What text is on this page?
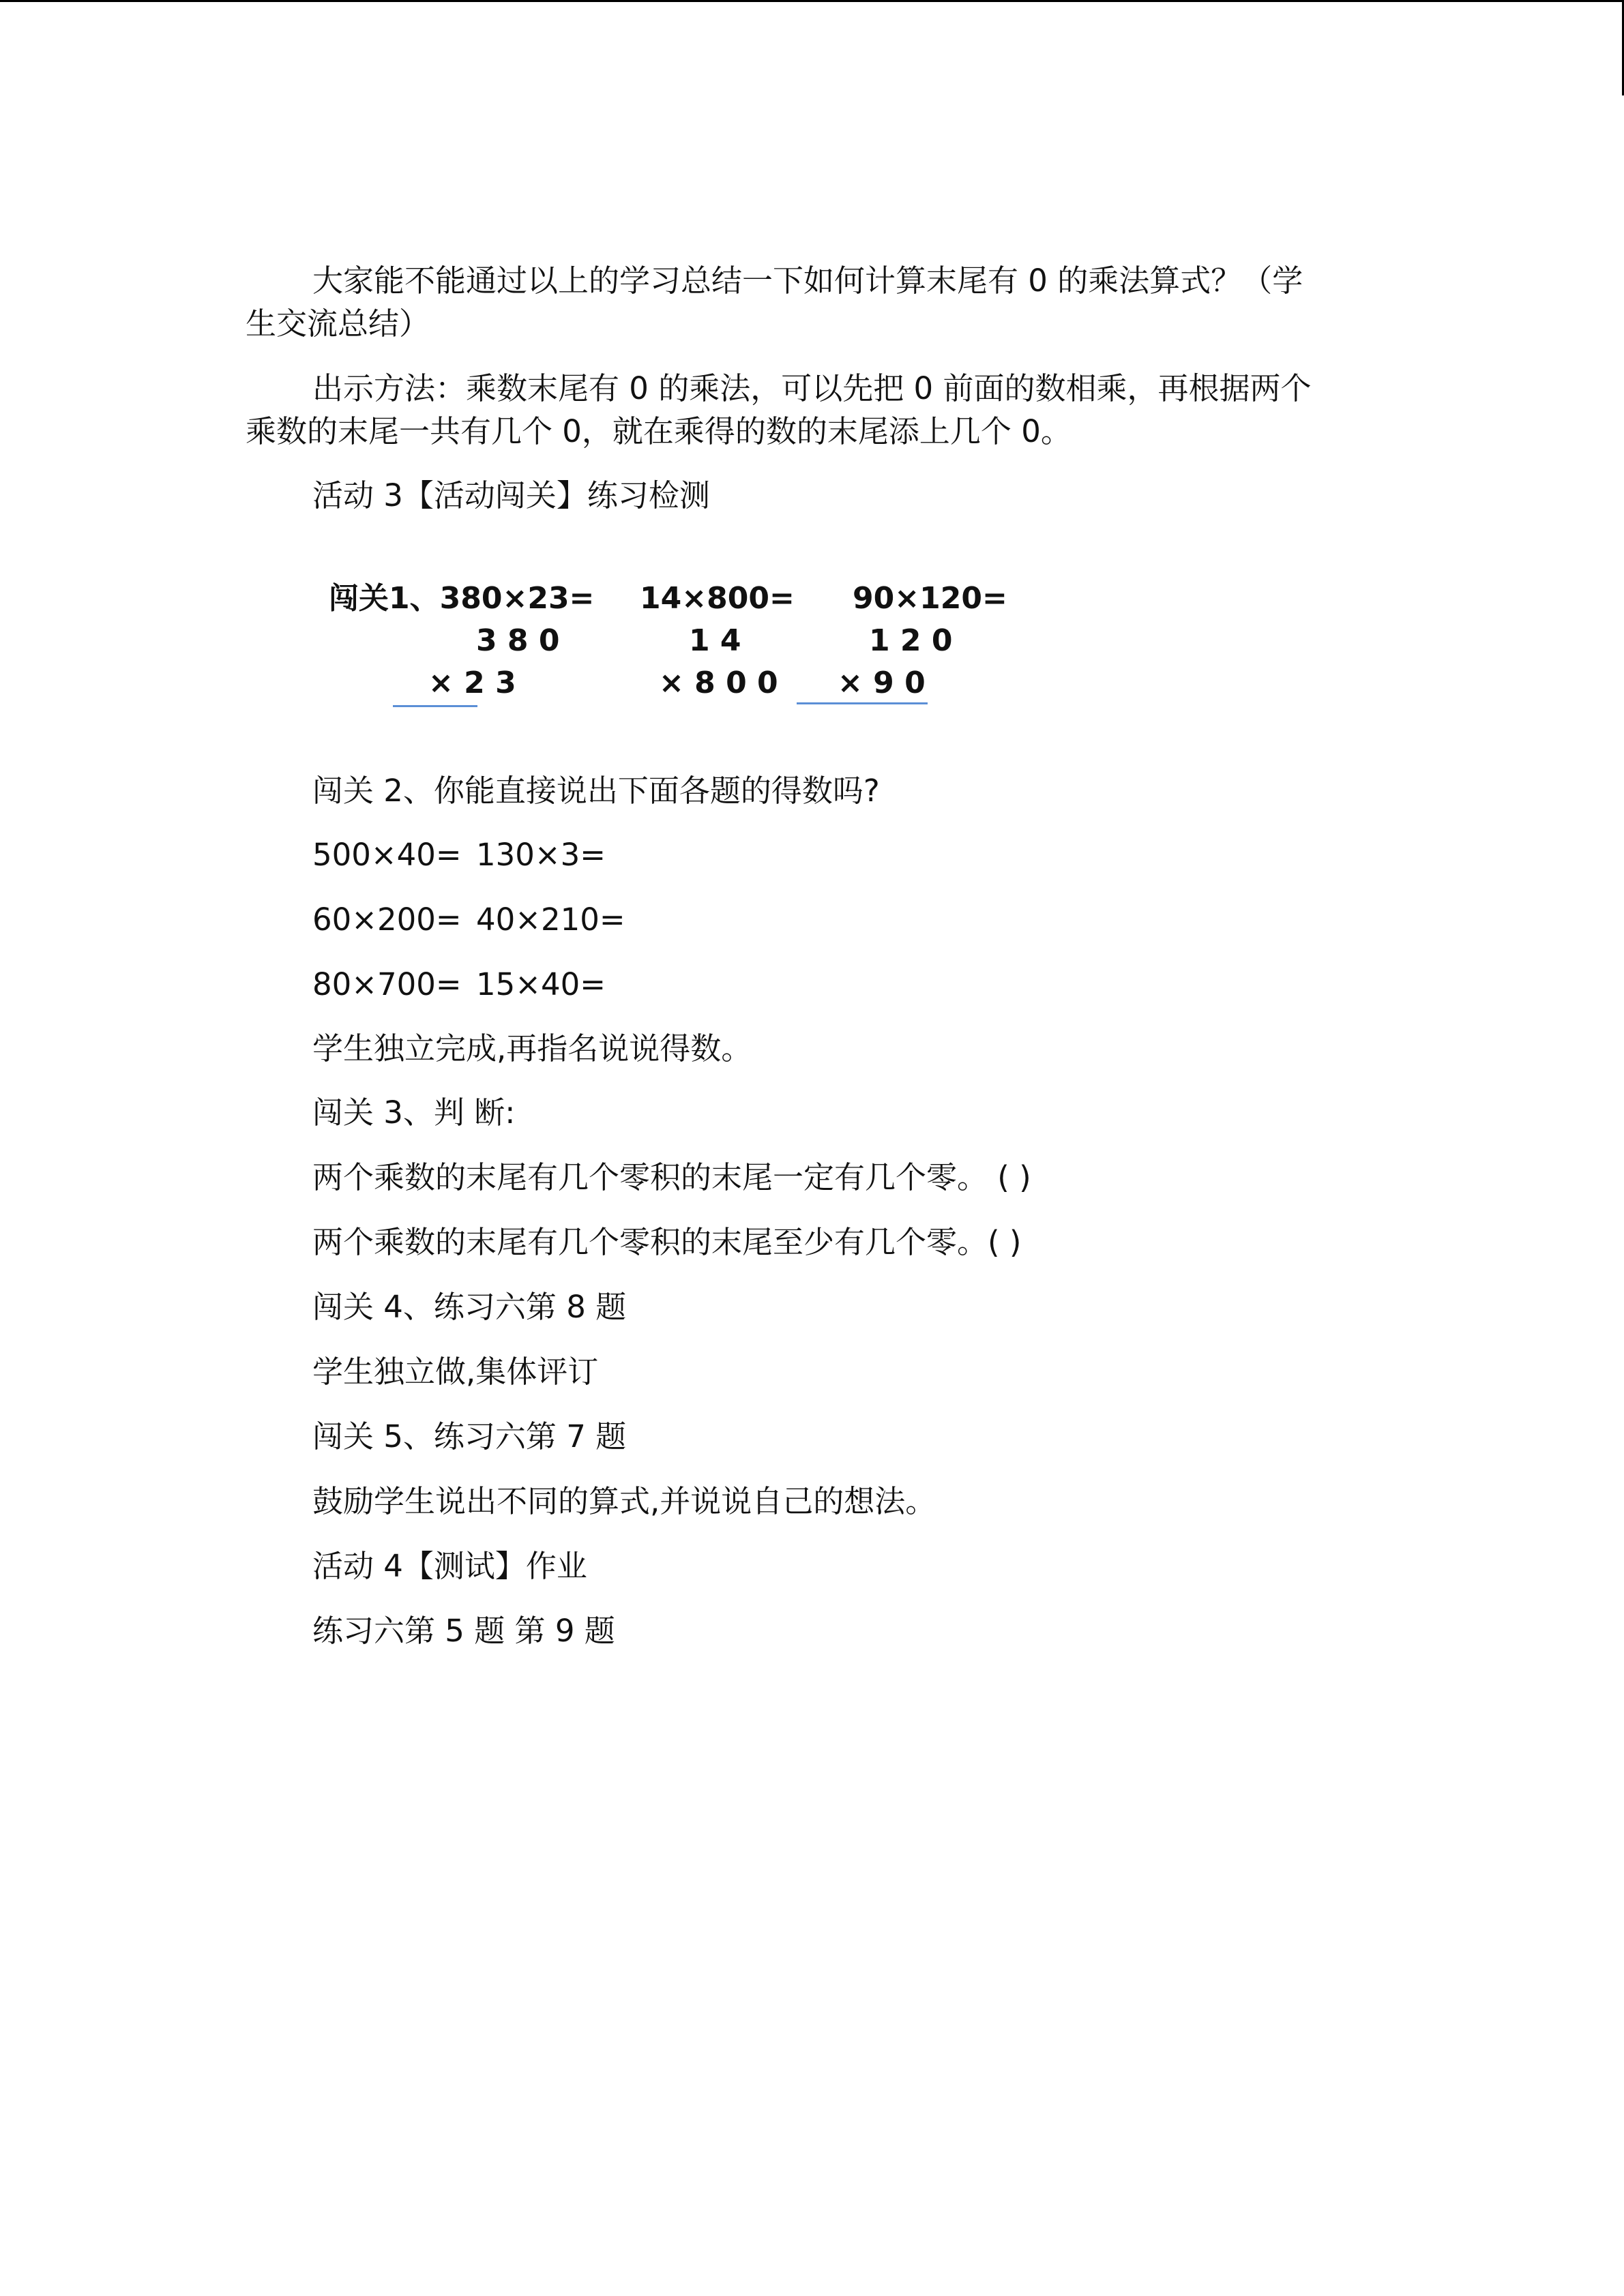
大家能不能通过以上的学习总结一下如何计算末尾有 0 的乘法算式？（学
生交流总结）
出示方法：乘数末尾有 0 的乘法，可以先把 0 前面的数相乘，再根据两个
乘数的末尾一共有几个 0，就在乘得的数的末尾添上几个 0。
活动 3【活动闯关】练习检测
闯关1、380×23= 14×800= 90×120=
3 8 0	1 4	1 2 0
× 2 3	× 8 0 0 × 9 0
闯关 2、你能直接说出下面各题的得数吗?
500×40= 130×3=
60×200= 40×210=
80×700= 15×40=
学生独立完成,再指名说说得数。
闯关 3、判 断:
两个乘数的末尾有几个零积的末尾一定有几个零。 ( )
两个乘数的末尾有几个零积的末尾至少有几个零。( )
闯关 4、练习六第 8 题
学生独立做,集体评订
闯关 5、练习六第 7 题
鼓励学生说出不同的算式,并说说自己的想法。
活动 4【测试】作业
练习六第 5 题 第 9 题
